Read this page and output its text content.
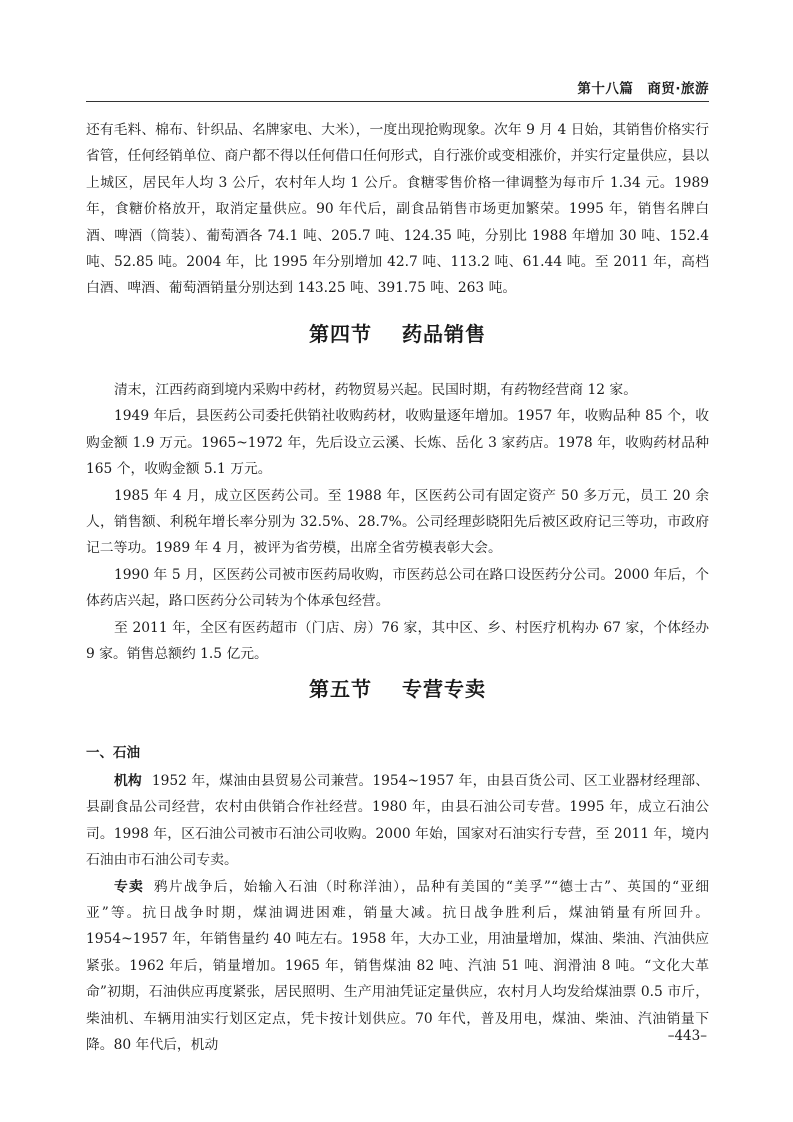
第十八篇　商贸·旅游

还有毛料、棉布、针织品、名牌家电、大米），一度出现抢购现象。次年 9 月 4 日始，其销售价格实行省管，任何经销单位、商户都不得以任何借口任何形式，自行涨价或变相涨价，并实行定量供应，县以上城区，居民年人均 3 公斤，农村年人均 1 公斤。食糖零售价格一律调整为每市斤 1.34 元。1989 年，食糖价格放开，取消定量供应。90 年代后，副食品销售市场更加繁荣。1995 年，销售名牌白酒、啤酒（筒装）、葡萄酒各 74.1 吨、205.7 吨、124.35 吨，分别比 1988 年增加 30 吨、152.4 吨、52.85 吨。2004 年，比 1995 年分别增加 42.7 吨、113.2 吨、61.44 吨。至 2011 年，高档白酒、啤酒、葡萄酒销量分别达到 143.25 吨、391.75 吨、263 吨。

第四节 药品销售

清末，江西药商到境内采购中药材，药物贸易兴起。民国时期，有药物经营商 12 家。

1949 年后，县医药公司委托供销社收购药材，收购量逐年增加。1957 年，收购品种 85 个，收购金额 1.9 万元。1965~1972 年，先后设立云溪、长炼、岳化 3 家药店。1978 年，收购药材品种 165 个，收购金额 5.1 万元。

1985 年 4 月，成立区医药公司。至 1988 年，区医药公司有固定资产 50 多万元，员工 20 余人，销售额、利税年增长率分别为 32.5%、28.7%。公司经理彭晓阳先后被区政府记三等功，市政府记二等功。1989 年 4 月，被评为省劳模，出席全省劳模表彰大会。

1990 年 5 月，区医药公司被市医药局收购，市医药总公司在路口设医药分公司。2000 年后，个体药店兴起，路口医药分公司转为个体承包经营。

至 2011 年，全区有医药超市（门店、房）76 家，其中区、乡、村医疗机构办 67 家，个体经办 9 家。销售总额约 1.5 亿元。

第五节 专营专卖
一、石油

机构 1952 年，煤油由县贸易公司兼营。1954~1957 年，由县百货公司、区工业器材经理部、县副食品公司经营，农村由供销合作社经营。1980 年，由县石油公司专营。1995 年，成立石油公司。1998 年，区石油公司被市石油公司收购。2000 年始，国家对石油实行专营，至 2011 年，境内石油由市石油公司专卖。

专卖 鸦片战争后，始输入石油（时称洋油），品种有美国的“美孚”“德士古”、英国的“亚细亚”等。抗日战争时期，煤油调进困难，销量大减。抗日战争胜利后，煤油销量有所回升。1954~1957 年，年销售量约 40 吨左右。1958 年，大办工业，用油量增加，煤油、柴油、汽油供应紧张。1962 年后，销量增加。1965 年，销售煤油 82 吨、汽油 51 吨、润滑油 8 吨。“文化大革命”初期，石油供应再度紧张，居民照明、生产用油凭证定量供应，农村月人均发给煤油票 0.5 市斤，柴油机、车辆用油实行划区定点，凭卡按计划供应。70 年代，普及用电，煤油、柴油、汽油销量下降。80 年代后，机动

–443–
